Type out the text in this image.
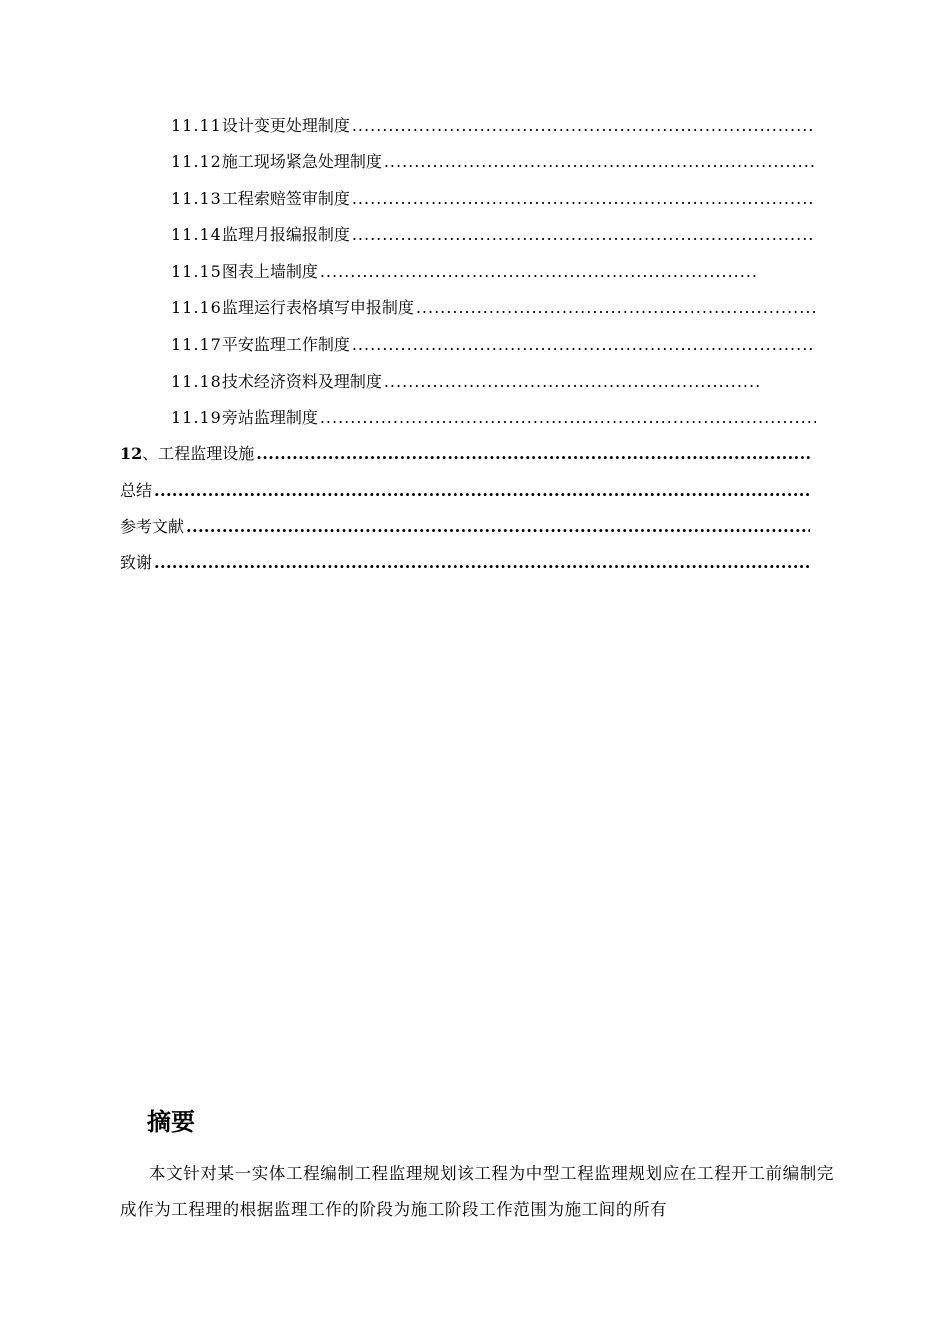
11.11 设计变更处理制度
.....
11.12 施工现场紧急处理制度
.....
11.13 工程索赔签审制度
.....
11.14 监理月报编报制度
.....
11.15 图表上墙制度
.....
11.16 监理运行表格填写申报制度
.....
11.17 平安监理工作制度
.....
11.18 技术经济资料及理制度
.....
11.19 旁站监理制度
.....
12 、工程监理设施
.....
总结
.....
参考文献
.....
致谢
.....
摘要
本文针对某一实体工程编制工程监理规划该工程为中型工程监理规划应在工程开工前编制完成作为工程理的根据监理工作的阶段为施工阶段工作范围为施工间的所有
